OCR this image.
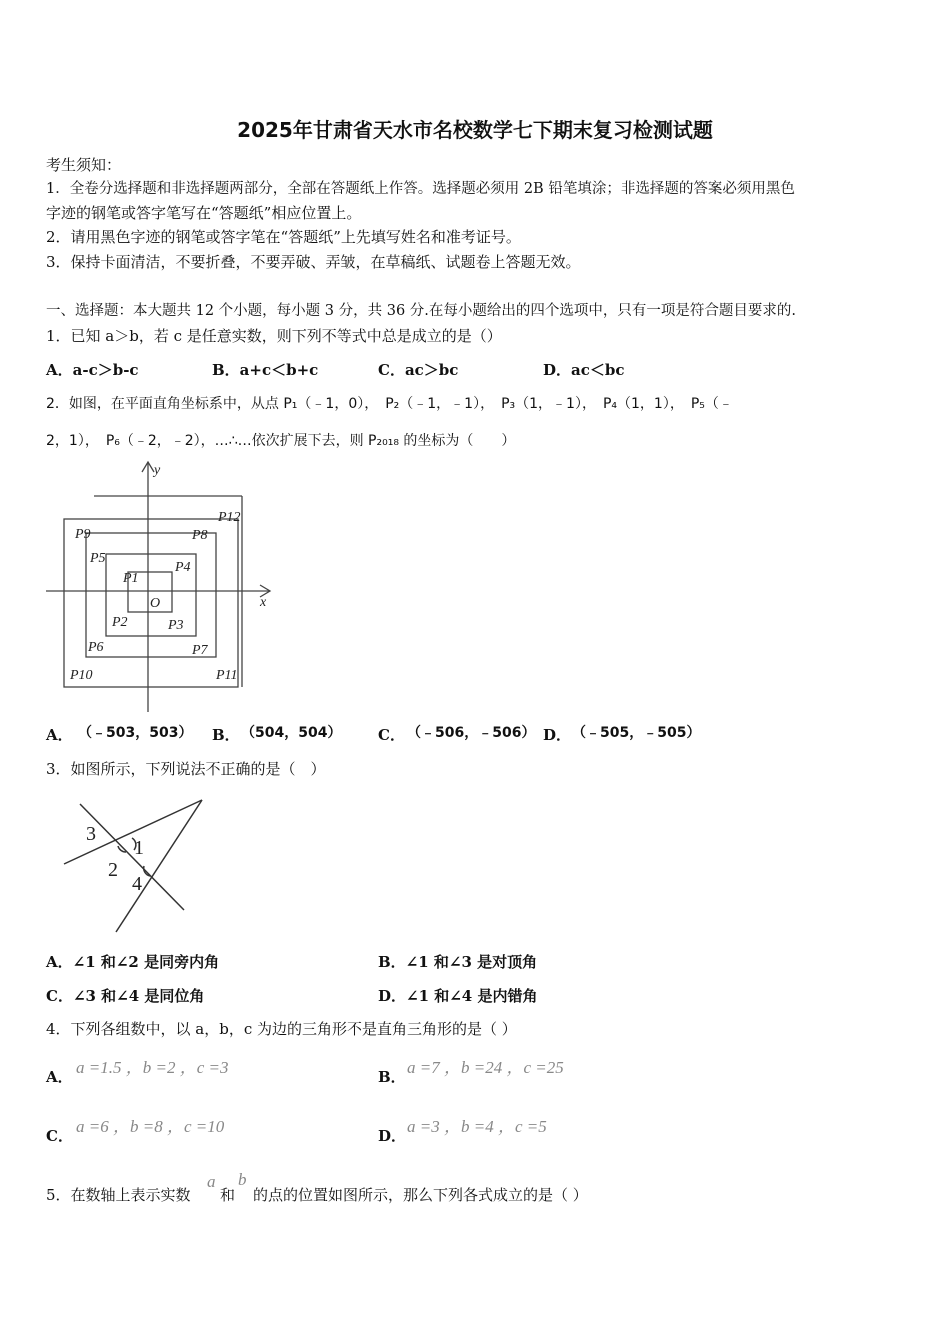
2025年甘肃省天水市名校数学七下期末复习检测试题
考生须知：
1．全卷分选择题和非选择题两部分，全部在答题纸上作答。选择题必须用 2B 铅笔填涂；非选择题的答案必须用黑色
字迹的钢笔或答字笔写在“答题纸”相应位置上。
2．请用黑色字迹的钢笔或答字笔在“答题纸”上先填写姓名和准考证号。
3．保持卡面清洁，不要折叠，不要弄破、弄皱，在草稿纸、试题卷上答题无效。
一、选择题：本大题共 12 个小题，每小题 3 分，共 36 分.在每小题给出的四个选项中，只有一项是符合题目要求的.
1．已知 a＞b，若 c 是任意实数，则下列不等式中总是成立的是（）
A．a-c＞b-c	B．a+c＜b+c	C．ac＞bc	D．ac＜bc
2．如图，在平面直角坐标系中，从点 P₁（﹣1，0），　P₂（﹣1，﹣1），　P₃（1，﹣1），　P₄（1，1），　P₅（﹣
2，1），　P₆（﹣2，﹣2），…∴…依次扩展下去，则 P₂₀₁₈ 的坐标为（　　）
P1
P2	P3
P4
P5
P6	P7
P8
P9
P10	P11
P12
O	x
y
A． （﹣503，503） B． （504，504） C． （﹣506，﹣506） D． （﹣505，﹣505）
3．如图所示，下列说法不正确的是（　）
1
2
3
4
A．∠1 和∠2 是同旁内角	B．∠1 和∠3 是对顶角
C．∠3 和∠4 是同位角	D．∠1 和∠4 是内错角
4．下列各组数中，以 a，b，c 为边的三角形不是直角三角形的是（ ）
A． a =1.5 ，b =2 ，c =3	B． a =7 ，b =24 ，c =25
C． a =6 ，b =8 ，c =10	D． a =3 ，b =4 ，c =5
5．在数轴上表示实数
a
和
b
的点的位置如图所示，那么下列各式成立的是（ ）
